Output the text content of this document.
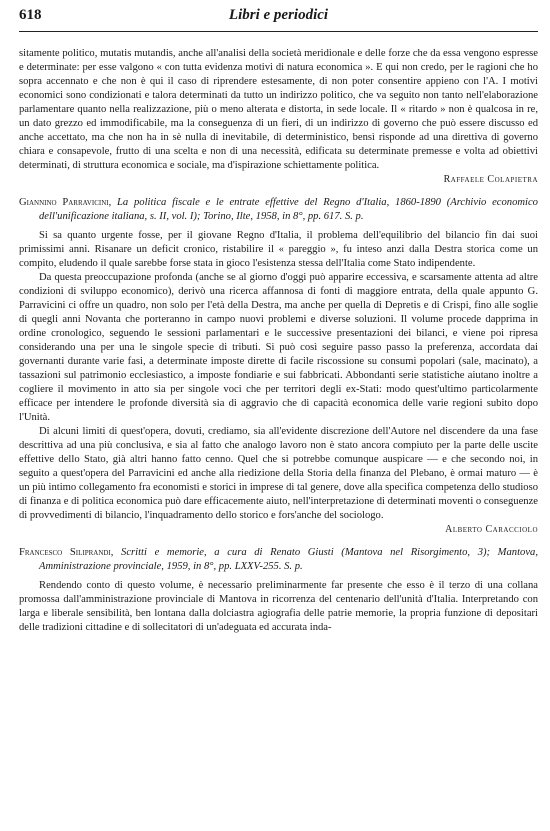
618	Libri e periodici

sitamente politico, mutatis mutandis, anche all'analisi della società meridionale e delle forze che da essa vengono espresse e determinate: per esse valgono « con tutta evidenza motivi di natura economica ». E qui non credo, per le ragioni che ho sopra accennato e che non è qui il caso di riprendere estesamente, di non poter consentire appieno con l'A. I motivi economici sono condizionati e talora determinati da tutto un indirizzo politico, che va seguito non tanto nell'elaborazione parlamentare quanto nella realizzazione, più o meno alterata e distorta, in sede locale. Il « ritardo » non è qualcosa in re, un dato grezzo ed immodificabile, ma la conseguenza di un fieri, di un indirizzo di governo che può essere discusso ed anche accettato, ma che non ha in sè nulla di inevitabile, di deterministico, bensì risponde ad una direttiva di governo chiara e consapevole, frutto di una scelta e non di una necessità, edificata su determinate premesse e volta ad obiettivi determinati, di struttura economica e sociale, ma d'ispirazione schiettamente politica.

Raffaele Colapietra
Giannino Parravicini, La politica fiscale e le entrate effettive del Regno d'Italia, 1860-1890 (Archivio economico dell'unificazione italiana, s. II, vol. I); Torino, Ilte, 1958, in 8°, pp. 617. S. p.

Si sa quanto urgente fosse, per il giovane Regno d'Italia, il problema dell'equilibrio del bilancio fin dai suoi primissimi anni. Risanare un deficit cronico, ristabilire il « pareggio », fu inteso anzi dalla Destra storica come un compito, eludendo il quale sarebbe forse stata in gioco l'esistenza stessa dell'Italia come Stato indipendente.

Da questa preoccupazione profonda (anche se al giorno d'oggi può apparire eccessiva, e scarsamente attenta ad altre condizioni di sviluppo economico), derivò una ricerca affannosa di fonti di maggiore entrata, della quale appunto G. Parravicini ci offre un quadro, non solo per l'età della Destra, ma anche per quella di Depretis e di Crispi, fino alle soglie di quegli anni Novanta che porteranno in campo nuovi problemi e diverse soluzioni. Il volume procede dapprima in ordine cronologico, seguendo le sessioni parlamentari e le successive presentazioni dei bilanci, e viene poi ripresa considerando una per una le singole specie di tributi. Si può così seguire passo passo la preferenza, accordata dai governanti durante varie fasi, a determinate imposte dirette di facile riscossione su consumi popolari (sale, macinato), a tassazioni sul patrimonio ecclesiastico, a imposte fondiarie e sui fabbricati. Abbondanti serie statistiche aiutano inoltre a cogliere il movimento in atto sia per singole voci che per territori degli ex-Stati: modo quest'ultimo particolarmente efficace per intendere le profonde diversità sia di aggravio che di capacità economica delle varie regioni subito dopo l'Unità.

Di alcuni limiti di quest'opera, dovuti, crediamo, sia all'evidente discrezione dell'Autore nel discendere da una fase descrittiva ad una più conclusiva, e sia al fatto che analogo lavoro non è stato ancora compiuto per la parte delle uscite effettive dello Stato, già altri hanno fatto cenno. Quel che si potrebbe comunque auspicare — e che secondo noi, in seguito a quest'opera del Parravicini ed anche alla riedizione della Storia della finanza del Plebano, è ormai maturo — è un più intimo collegamento fra economisti e storici in imprese di tal genere, dove alla specifica competenza dello studioso di finanza e di politica economica può dare efficacemente aiuto, nell'interpretazione di determinati moventi o conseguenze di provvedimenti di bilancio, l'inquadramento dello storico e fors'anche del sociologo.

Alberto Caracciolo
Francesco Siliprandi, Scritti e memorie, a cura di Renato Giusti (Mantova nel Risorgimento, 3); Mantova, Amministrazione provinciale, 1959, in 8°, pp. LXXV-255. S. p.

Rendendo conto di questo volume, è necessario preliminarmente far presente che esso è il terzo di una collana promossa dall'amministrazione provinciale di Mantova in ricorrenza del centenario dell'unità d'Italia. Interpretando con larga e liberale sensibilità, ben lontana dalla dolciastra agiografia delle patrie memorie, la propria funzione di depositari delle tradizioni cittadine e di sollecitatori di un'adeguata ed accurata inda-
